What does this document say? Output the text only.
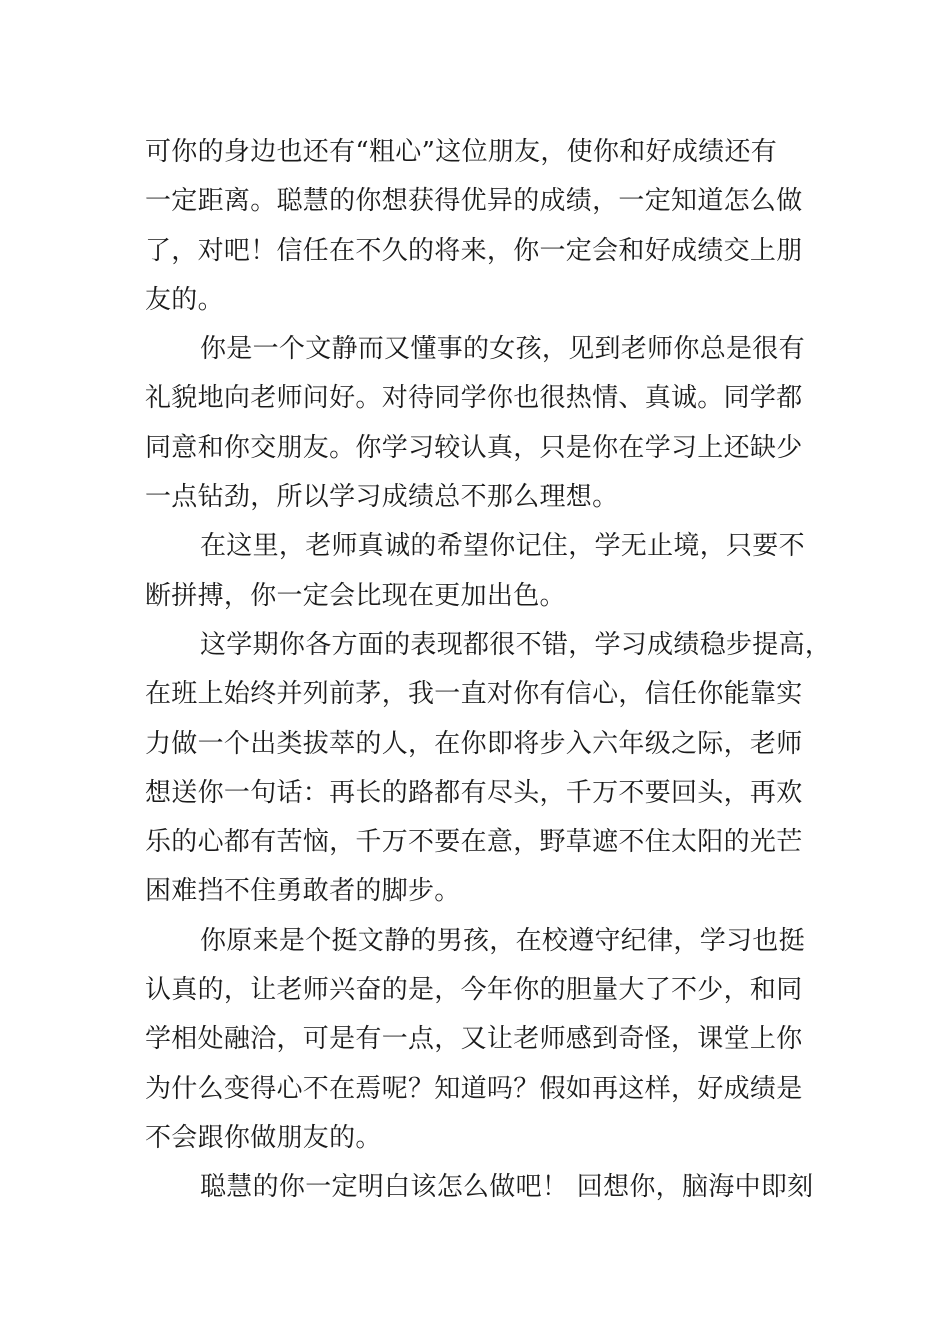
可你的身边也还有“粗心”这位朋友，使你和好成绩还有
一定距离。聪慧的你想获得优异的成绩，一定知道怎么做
了，对吧！信任在不久的将来，你一定会和好成绩交上朋
友的。
你是一个文静而又懂事的女孩，见到老师你总是很有
礼貌地向老师问好。对待同学你也很热情、真诚。同学都
同意和你交朋友。你学习较认真，只是你在学习上还缺少
一点钻劲，所以学习成绩总不那么理想。
在这里，老师真诚的希望你记住，学无止境，只要不
断拼搏，你一定会比现在更加出色。
这学期你各方面的表现都很不错，学习成绩稳步提高，
在班上始终并列前茅，我一直对你有信心，信任你能靠实
力做一个出类拔萃的人，在你即将步入六年级之际，老师
想送你一句话：再长的路都有尽头，千万不要回头，再欢
乐的心都有苦恼，千万不要在意，野草遮不住太阳的光芒
困难挡不住勇敢者的脚步。
你原来是个挺文静的男孩，在校遵守纪律，学习也挺
认真的，让老师兴奋的是，今年你的胆量大了不少，和同
学相处融洽，可是有一点，又让老师感到奇怪，课堂上你
为什么变得心不在焉呢？知道吗？假如再这样，好成绩是
不会跟你做朋友的。
聪慧的你一定明白该怎么做吧！ 回想你，脑海中即刻
